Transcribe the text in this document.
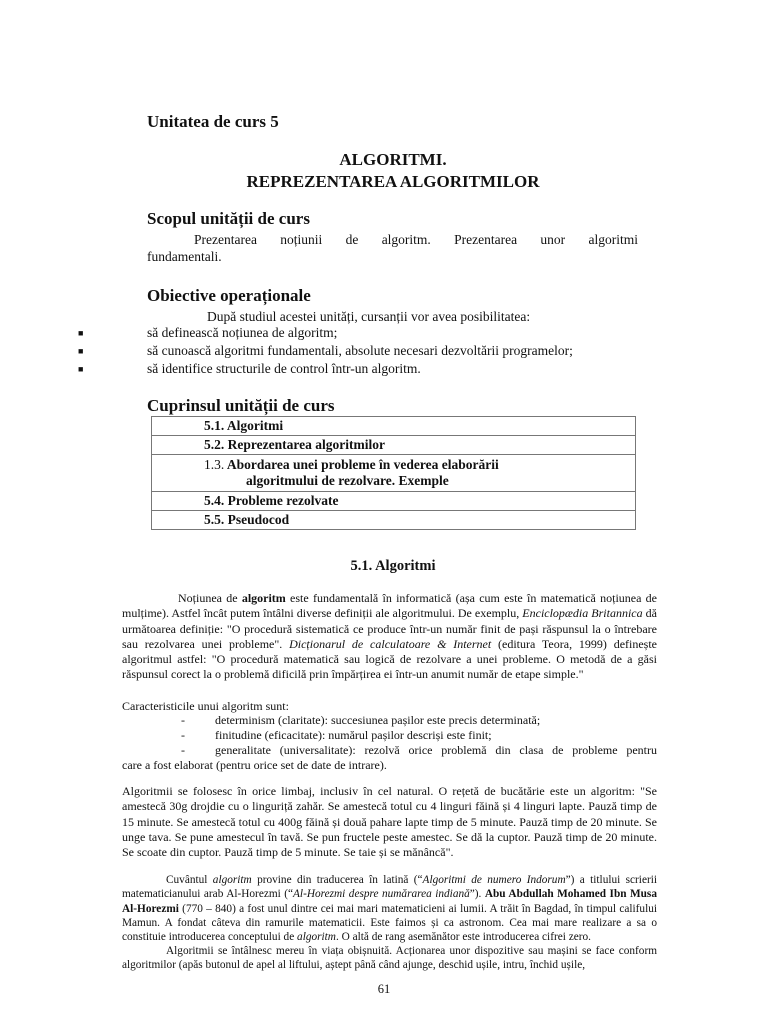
Unitatea de curs 5
ALGORITMI.
REPREZENTAREA ALGORITMILOR
Scopul unității de curs
Prezentarea noțiunii de algoritm. Prezentarea unor algoritmi
fundamentali.
Obiective operaționale
După studiul acestei unități, cursanții vor avea posibilitatea:
■	să definească noțiunea de algoritm;
■	să cunoască algoritmi fundamentali, absolute necesari dezvoltării programelor;
■	să identifice structurile de control într-un algoritm.
Cuprinsul unității de curs
5.1. Algoritmi
5.2. Reprezentarea algoritmilor
1.3. Abordarea unei probleme în vederea elaborării
algoritmului de rezolvare. Exemple

5.4. Probleme rezolvate
5.5. Pseudocod
5.1. Algoritmi
Noțiunea de algoritm este fundamentală în informatică (așa cum este în matematică noțiunea de mulțime). Astfel încât putem întâlni diverse definiții ale algoritmului. De exemplu, Enciclopædia Britannica dă următoarea definiție: "O procedură sistematică ce produce într-un număr finit de pași răspunsul la o întrebare sau rezolvarea unei probleme". Dicționarul de calculatoare & Internet (editura Teora, 1999) definește algoritmul astfel: "O procedură matematică sau logică de rezolvare a unei probleme. O metodă de a găsi răspunsul corect la o problemă dificilă prin împărțirea ei într-un anumit număr de etape simple."
Caracteristicile unui algoritm sunt:
-	determinism (claritate): succesiunea pașilor este precis determinată;
-	finitudine (eficacitate): numărul pașilor descriși este finit;
-	generalitate (universalitate): rezolvă orice problemă din clasa de probleme pentru
care a fost elaborat (pentru orice set de date de intrare).
Algoritmii se folosesc în orice limbaj, inclusiv în cel natural. O rețetă de bucătărie este un algoritm: "Se amestecă 30g drojdie cu o linguriță zahăr. Se amestecă totul cu 4 linguri făină și 4 linguri lapte. Pauză timp de 15 minute. Se amestecă totul cu 400g făină și două pahare lapte timp de 5 minute. Pauză timp de 20 minute. Se unge tava. Se pune amestecul în tavă. Se pun fructele peste amestec. Se dă la cuptor. Pauză timp de 20 minute. Se scoate din cuptor. Pauză timp de 5 minute. Se taie și se mănâncă".
Cuvântul algoritm provine din traducerea în latină (“Algoritmi de numero Indorum”) a titlului scrierii matematicianului arab Al-Horezmi (“Al-Horezmi despre numărarea indiană”). Abu Abdullah Mohamed Ibn Musa Al-Horezmi (770 – 840) a fost unul dintre cei mai mari matematicieni ai lumii. A trăit în Bagdad, în timpul califului Mamun. A fondat câteva din ramurile matematicii. Este faimos și ca astronom. Cea mai mare realizare a sa o constituie introducerea conceptului de algoritm. O altă de rang asemănător este introducerea cifrei zero.
Algoritmii se întâlnesc mereu în viața obișnuită. Acționarea unor dispozitive sau mașini se face conform algoritmilor (apăs butonul de apel al liftului, aștept până când ajunge, deschid ușile, intru, închid ușile,
61
